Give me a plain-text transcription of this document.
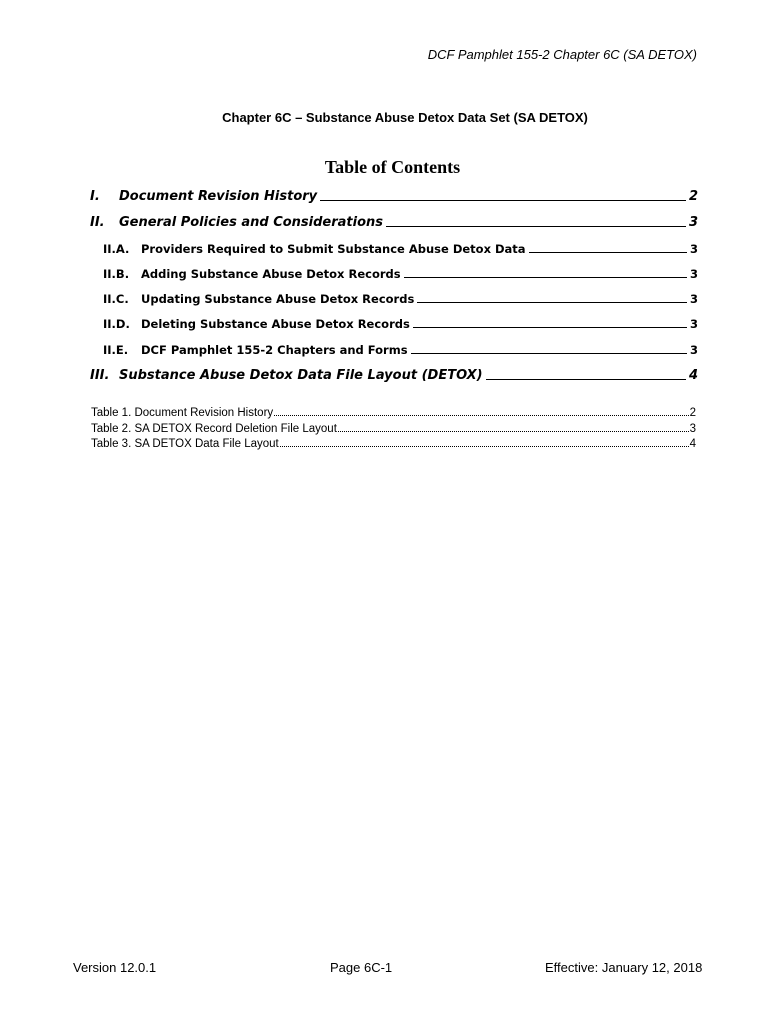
DCF Pamphlet 155-2 Chapter 6C (SA DETOX)
Chapter 6C – Substance Abuse Detox Data Set (SA DETOX)
Table of Contents
I.	Document Revision History	2
II.	General Policies and Considerations	3
II.A.	Providers Required to Submit Substance Abuse Detox Data	3
II.B.	Adding Substance Abuse Detox Records	3
II.C.	Updating Substance Abuse Detox Records	3
II.D. Deleting Substance Abuse Detox Records	3
II.E.	DCF Pamphlet 155-2 Chapters and Forms	3
III. Substance Abuse Detox Data File Layout (DETOX)	4
Table 1. Document Revision History	2
Table 2. SA DETOX Record Deletion File Layout	3
Table 3. SA DETOX Data File Layout	4
Version 12.0.1	Page 6C-1	Effective: January 12, 2018
